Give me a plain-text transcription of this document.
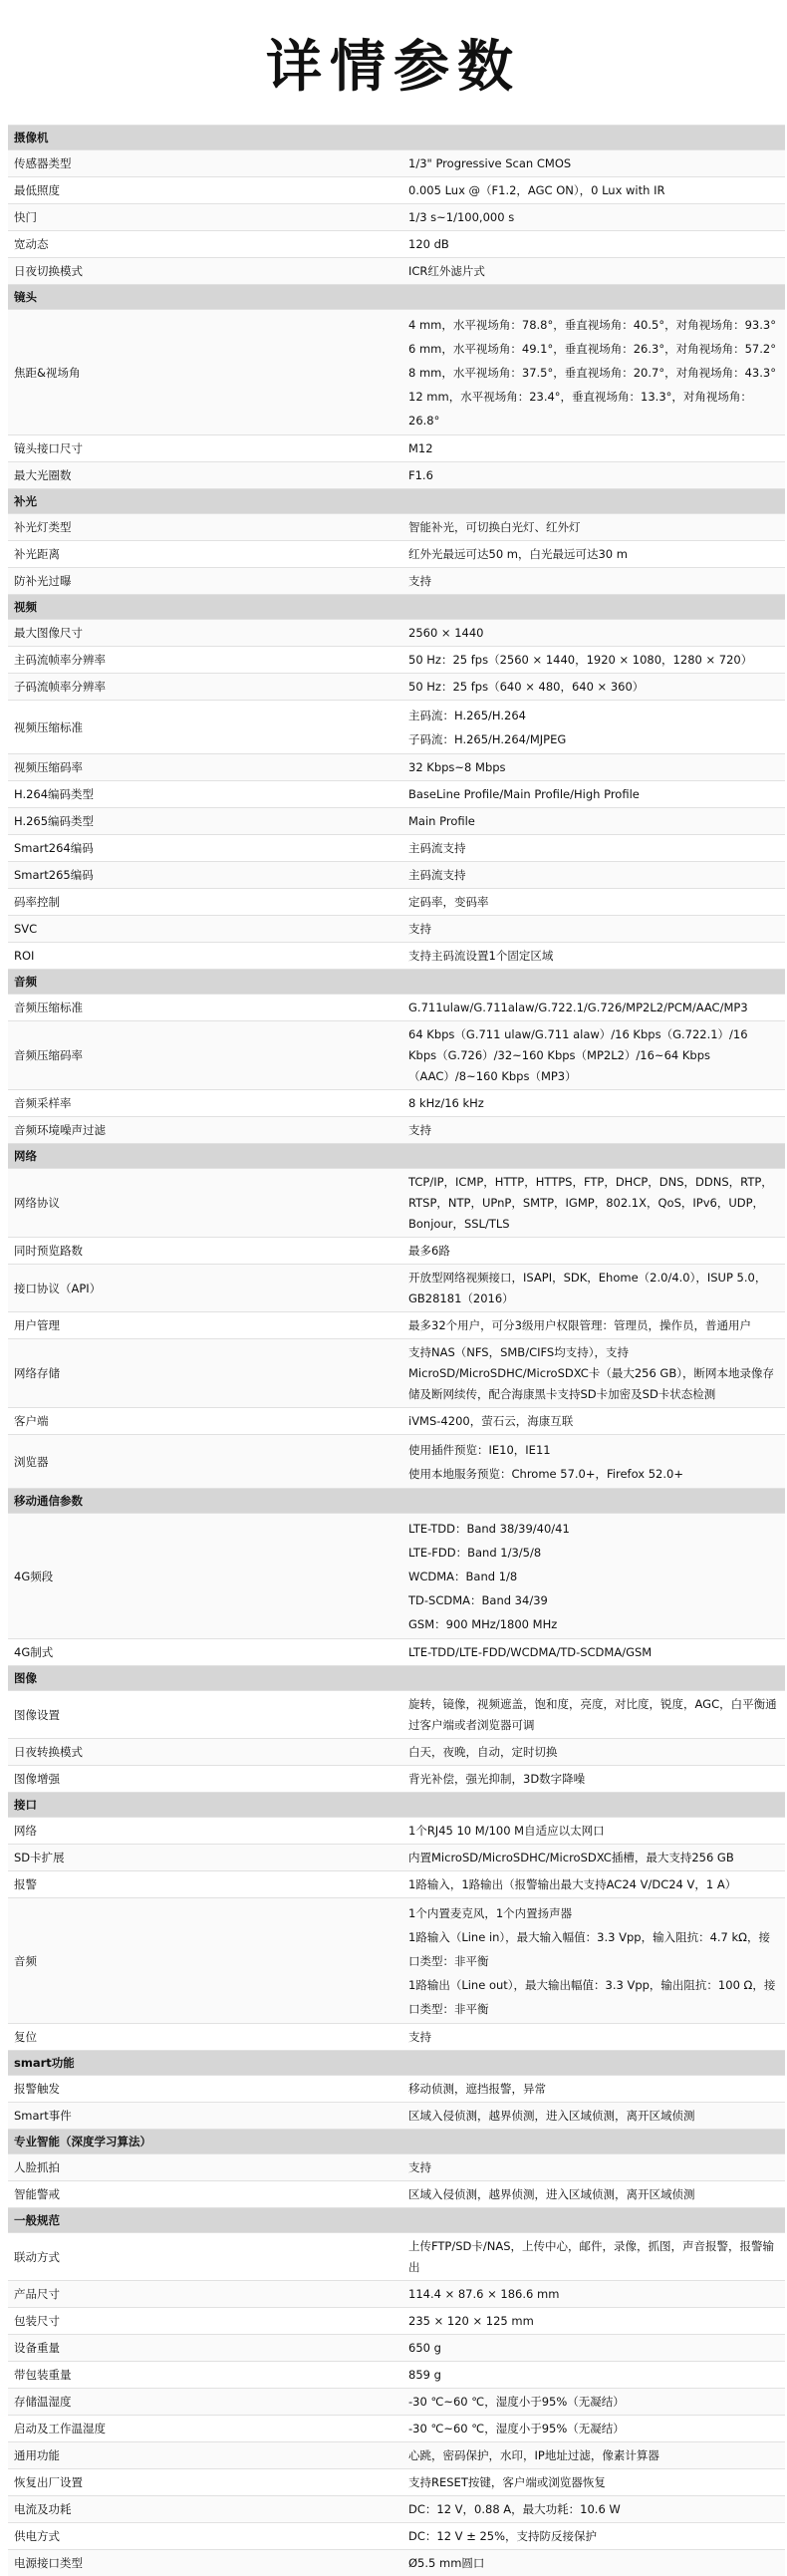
详情参数
摄像机	
传感器类型	1/3" Progressive Scan CMOS
最低照度	0.005 Lux @（F1.2，AGC ON），0 Lux with IR
快门	1/3 s~1/100,000 s
宽动态	120 dB
日夜切换模式	ICR红外滤片式
镜头	
焦距&视场角	4 mm，水平视场角：78.8°，垂直视场角：40.5°，对角视场角：93.3°
6 mm，水平视场角：49.1°，垂直视场角：26.3°，对角视场角：57.2°
8 mm，水平视场角：37.5°，垂直视场角：20.7°，对角视场角：43.3°
12 mm，水平视场角：23.4°，垂直视场角：13.3°，对角视场角：26.8°

镜头接口尺寸	M12
最大光圈数	F1.6
补光	
补光灯类型	智能补光，可切换白光灯、红外灯
补光距离	红外光最远可达50 m，白光最远可达30 m
防补光过曝	支持
视频	
最大图像尺寸	2560 × 1440
主码流帧率分辨率	50 Hz：25 fps（2560 × 1440，1920 × 1080，1280 × 720）
子码流帧率分辨率	50 Hz：25 fps（640 × 480，640 × 360）
视频压缩标准	主码流：H.265/H.264
子码流：H.265/H.264/MJPEG

视频压缩码率	32 Kbps~8 Mbps
H.264编码类型	BaseLine Profile/Main Profile/High Profile
H.265编码类型	Main Profile
Smart264编码	主码流支持
Smart265编码	主码流支持
码率控制	定码率，变码率
SVC	支持
ROI	支持主码流设置1个固定区域
音频	
音频压缩标准	G.711ulaw/G.711alaw/G.722.1/G.726/MP2L2/PCM/AAC/MP3
音频压缩码率	64 Kbps（G.711 ulaw/G.711 alaw）/16 Kbps（G.722.1）/16 Kbps（G.726）/32~160 Kbps（MP2L2）/16~64 Kbps（AAC）/8~160 Kbps（MP3）
音频采样率	8 kHz/16 kHz
音频环境噪声过滤	支持
网络	
网络协议	TCP/IP，ICMP，HTTP，HTTPS，FTP，DHCP，DNS，DDNS，RTP，RTSP，NTP，UPnP，SMTP，IGMP，802.1X，QoS，IPv6，UDP，Bonjour，SSL/TLS
同时预览路数	最多6路
接口协议（API）	开放型网络视频接口，ISAPI，SDK，Ehome（2.0/4.0），ISUP 5.0，GB28181（2016）
用户管理	最多32个用户，可分3级用户权限管理：管理员，操作员，普通用户
网络存储	支持NAS（NFS，SMB/CIFS均支持），支持MicroSD/MicroSDHC/MicroSDXC卡（最大256 GB），断网本地录像存储及断网续传，配合海康黑卡支持SD卡加密及SD卡状态检测
客户端	iVMS-4200，萤石云，海康互联
浏览器	使用插件预览：IE10，IE11
使用本地服务预览：Chrome 57.0+，Firefox 52.0+

移动通信参数	
4G频段	LTE-TDD：Band 38/39/40/41
LTE-FDD：Band 1/3/5/8
WCDMA：Band 1/8
TD-SCDMA：Band 34/39
GSM：900 MHz/1800 MHz

4G制式	LTE-TDD/LTE-FDD/WCDMA/TD-SCDMA/GSM
图像	
图像设置	旋转，镜像，视频遮盖，饱和度，亮度，对比度，锐度，AGC，白平衡通过客户端或者浏览器可调
日夜转换模式	白天，夜晚，自动，定时切换
图像增强	背光补偿，强光抑制，3D数字降噪
接口	
网络	1个RJ45 10 M/100 M自适应以太网口
SD卡扩展	内置MicroSD/MicroSDHC/MicroSDXC插槽，最大支持256 GB
报警	1路输入，1路输出（报警输出最大支持AC24 V/DC24 V，1 A）
音频	1个内置麦克风，1个内置扬声器
1路输入（Line in），最大输入幅值：3.3 Vpp，输入阻抗：4.7 kΩ，接口类型：非平衡
1路输出（Line out），最大输出幅值：3.3 Vpp，输出阻抗：100 Ω，接口类型：非平衡

复位	支持
smart功能	
报警触发	移动侦测，遮挡报警，异常
Smart事件	区域入侵侦测，越界侦测，进入区域侦测，离开区域侦测
专业智能（深度学习算法）	
人脸抓拍	支持
智能警戒	区域入侵侦测，越界侦测，进入区域侦测，离开区域侦测
一般规范	
联动方式	上传FTP/SD卡/NAS，上传中心，邮件，录像，抓图，声音报警，报警输出
产品尺寸	114.4 × 87.6 × 186.6 mm
包装尺寸	235 × 120 × 125 mm
设备重量	650 g
带包装重量	859 g
存储温湿度	-30 ℃~60 ℃，湿度小于95%（无凝结）
启动及工作温湿度	-30 ℃~60 ℃，湿度小于95%（无凝结）
通用功能	心跳，密码保护，水印，IP地址过滤，像素计算器
恢复出厂设置	支持RESET按键，客户端或浏览器恢复
电流及功耗	DC：12 V，0.88 A，最大功耗：10.6 W
供电方式	DC：12 V ± 25%，支持防反接保护
电源接口类型	Ø5.5 mm圆口
